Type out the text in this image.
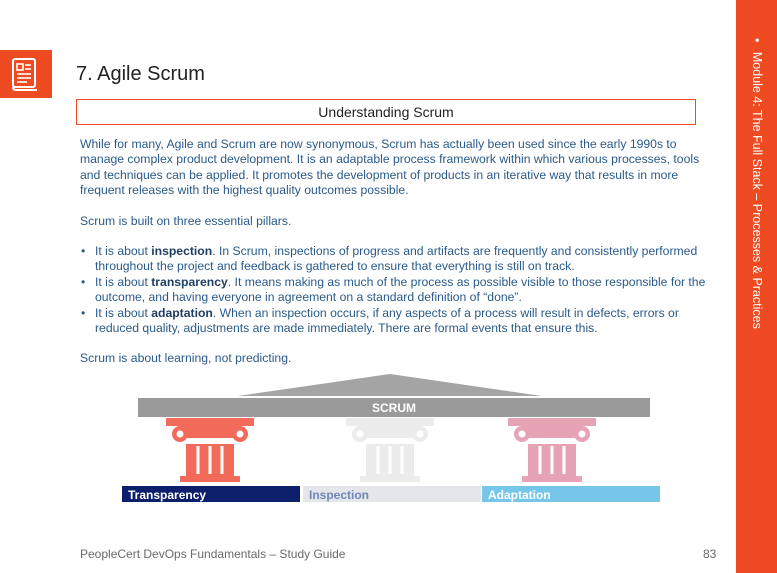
• Module 4: The Full Stack – Processes & Practices
7. Agile Scrum
Understanding Scrum

While for many, Agile and Scrum are now synonymous, Scrum has actually been used since the early 1990s to manage complex product development. It is an adaptable process framework within which various processes, tools and techniques can be applied. It promotes the development of products in an iterative way that results in more frequent releases with the highest quality outcomes possible.

Scrum is built on three essential pillars.

• It is about inspection. In Scrum, inspections of progress and artifacts are frequently and consistently performed throughout the project and feedback is gathered to ensure that everything is still on track.
• It is about transparency. It means making as much of the process as possible visible to those responsible for the outcome, and having everyone in agreement on a standard definition of “done”.
• It is about adaptation. When an inspection occurs, if any aspects of a process will result in defects, errors or reduced quality, adjustments are made immediately. There are formal events that ensure this.

Scrum is about learning, not predicting.

SCRUM
Transparency	Inspection	Adaptation
PeopleCert DevOps Fundamentals – Study Guide	83
